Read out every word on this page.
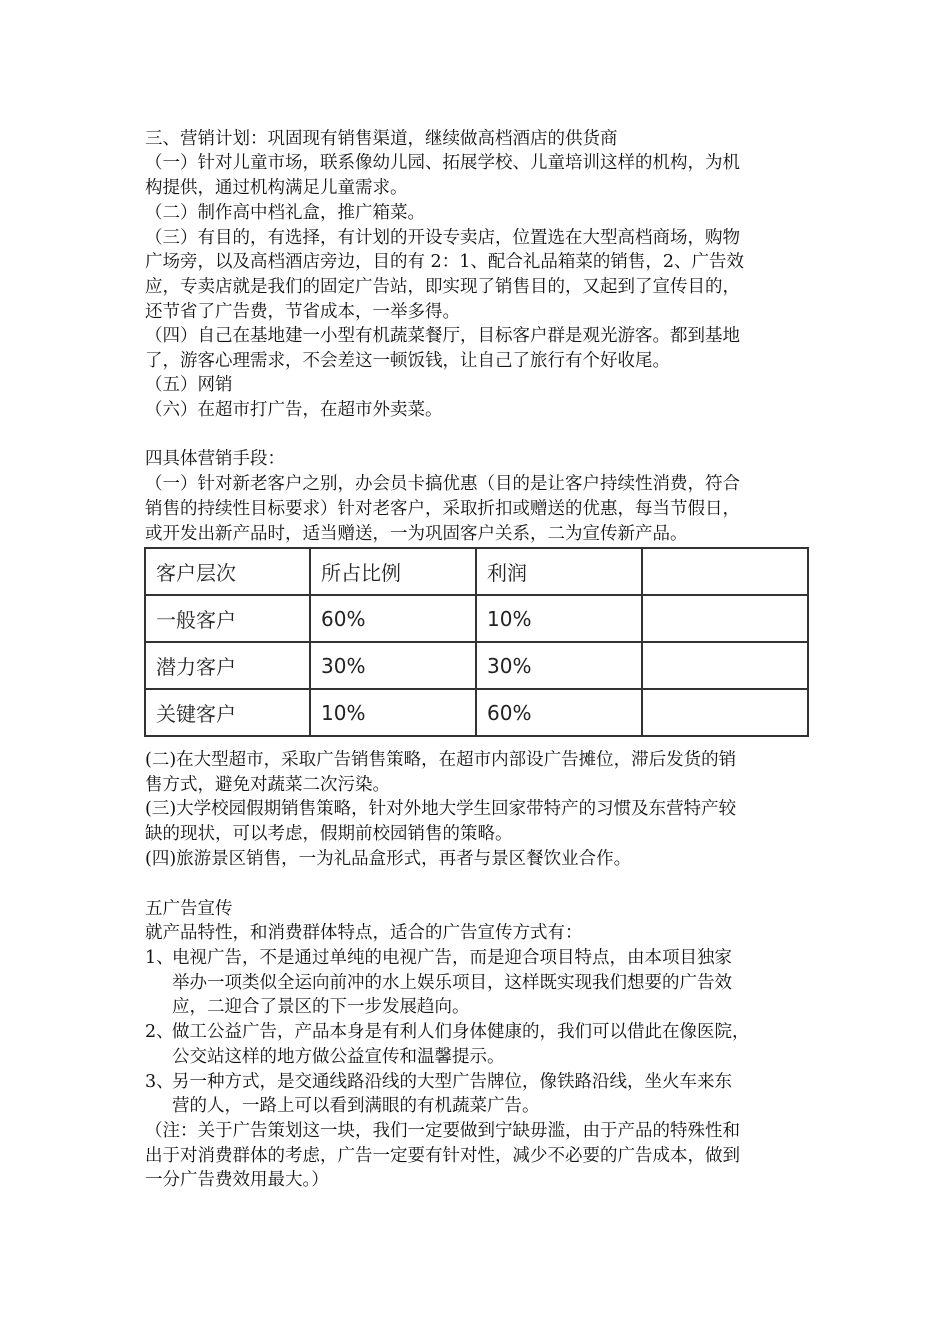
三、营销计划：巩固现有销售渠道，继续做高档酒店的供货商
（一）针对儿童市场，联系像幼儿园、拓展学校、儿童培训这样的机构，为机
构提供，通过机构满足儿童需求。
（二）制作高中档礼盒，推广箱菜。
（三）有目的，有选择，有计划的开设专卖店，位置选在大型高档商场，购物
广场旁，以及高档酒店旁边，目的有 2：1、配合礼品箱菜的销售，2、广告效
应，专卖店就是我们的固定广告站，即实现了销售目的，又起到了宣传目的，
还节省了广告费，节省成本，一举多得。
（四）自己在基地建一小型有机蔬菜餐厅，目标客户群是观光游客。都到基地
了，游客心理需求，不会差这一顿饭钱，让自己了旅行有个好收尾。
（五）网销
（六）在超市打广告，在超市外卖菜。
四具体营销手段：
（一）针对新老客户之别，办会员卡搞优惠（目的是让客户持续性消费，符合
销售的持续性目标要求）针对老客户，采取折扣或赠送的优惠，每当节假日，
或开发出新产品时，适当赠送，一为巩固客户关系，二为宣传新产品。
客户层次	所占比例	利润	
一般客户	60%	10%	
潜力客户	30%	30%	
关键客户	10%	60%	
(二)在大型超市，采取广告销售策略，在超市内部设广告摊位，滞后发货的销
售方式，避免对蔬菜二次污染。
(三)大学校园假期销售策略，针对外地大学生回家带特产的习惯及东营特产较
缺的现状，可以考虑，假期前校园销售的策略。
(四)旅游景区销售，一为礼品盒形式，再者与景区餐饮业合作。
五广告宣传
就产品特性，和消费群体特点，适合的广告宣传方式有：
1、
电视广告，不是通过单纯的电视广告，而是迎合项目特点，由本项目独家
举办一项类似全运向前冲的水上娱乐项目，这样既实现我们想要的广告效
应，二迎合了景区的下一步发展趋向。
2、
做工公益广告，产品本身是有利人们身体健康的，我们可以借此在像医院，
公交站这样的地方做公益宣传和温馨提示。
3、
另一种方式，是交通线路沿线的大型广告牌位，像铁路沿线，坐火车来东
营的人，一路上可以看到满眼的有机蔬菜广告。
（注：关于广告策划这一块，我们一定要做到宁缺毋滥，由于产品的特殊性和
出于对消费群体的考虑，广告一定要有针对性，减少不必要的广告成本，做到
一分广告费效用最大。）
